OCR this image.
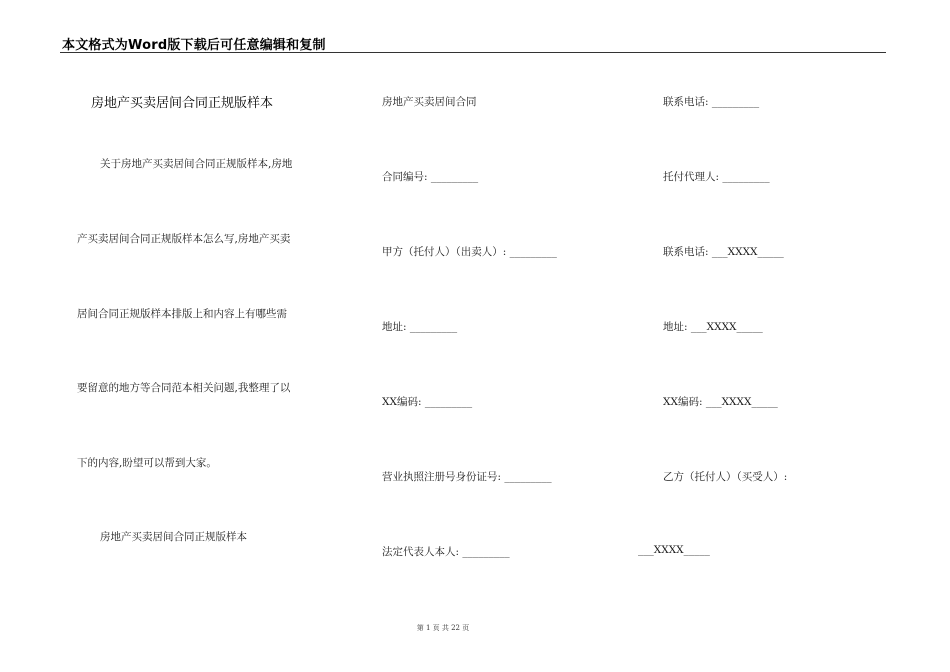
本文格式为Word版下载后可任意编辑和复制
房地产买卖居间合同正规版样本
关于房地产买卖居间合同正规版样本,房地
产买卖居间合同正规版样本怎么写,房地产买卖
居间合同正规版样本排版上和内容上有哪些需
要留意的地方等合同范本相关问题,我整理了以
下的内容,盼望可以帮到大家。
房地产买卖居间合同正规版样本
房地产买卖居间合同
合同编号: _________
甲方（托付人）（出卖人）: _________
地址: _________
XX编码: _________
营业执照注册号身份证号: _________
法定代表人本人: _________
联系电话: _________
托付代理人: _________
联系电话: ___XXXX_____
地址: ___XXXX_____
XX编码: ___XXXX_____
乙方（托付人）（买受人）:
___XXXX_____
第 1 页 共 22 页
